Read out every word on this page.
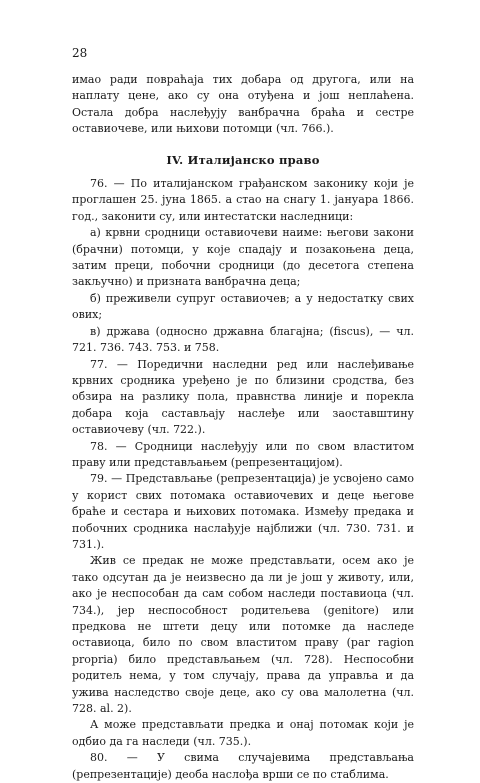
28

имао ради повраћаја тих добара од другога, или на наплату цене, ако су она отуђена и још неплаћена. Остала добра наслеђују ванбрачна браћа и сестре оставиочеве, или њихови потомци (чл. 766.).

IV. Италијанско право

76. — По италијанском грађанском законику који је проглашен 25. јуна 1865. а стао на снагу 1. јануара 1866. год., законити су, или интестатски наследници:

а) крвни сродници оставиочеви наиме: његови закони (брачни) потомци, у које спадају и позакоњена деца, затим преци, побочни сродници (до десетога степена закључно) и призната ванбрачна деца;

б) преживели супруг оставиочев; а у недостатку свих ових;

в) држава (односно државна благајна; (fiscus), — чл. 721. 736. 743. 753. и 758.

77. — Поредични наследни ред или наслеђивање крвних сродника уређено је по близини сродства, без обзира на разлику пола, правнства линије и порекла добара која састављају наслеђе или заоставштину оставиочеву (чл. 722.).

78. — Сродници наслеђују или по свом властитом праву или представљањем (репрезентацијом).

79. — Представљање (репрезентација) је усвојено само у корист свих потомака оставиочевих и деце његове браће и сестара и њихових потомака. Између предака и побочних сродника наслађује најближи (чл. 730. 731. и 731.).

Жив се предак не може представљати, осем ако је тако одсутан да је неизвесно да ли је још у животу, или, ако је неспособан да сам собом наследи поставиоца (чл. 734.), јер неспособност родитељева (genitore) или предкова не штети децу или потомке да наследе оставиоца, било по свом властитом праву (par ragion propria) било представљањем (чл. 728). Неспособни родитељ нема, у том случају, права да управља и да ужива наследство своје деце, ако су ова малолетна (чл. 728. al. 2).

А може представљати предка и онај потомак који је одбио да га наследи (чл. 735.).

80. — У свима случајевима представљања (репрезентације) деоба наслођа врши се по стаблима.
